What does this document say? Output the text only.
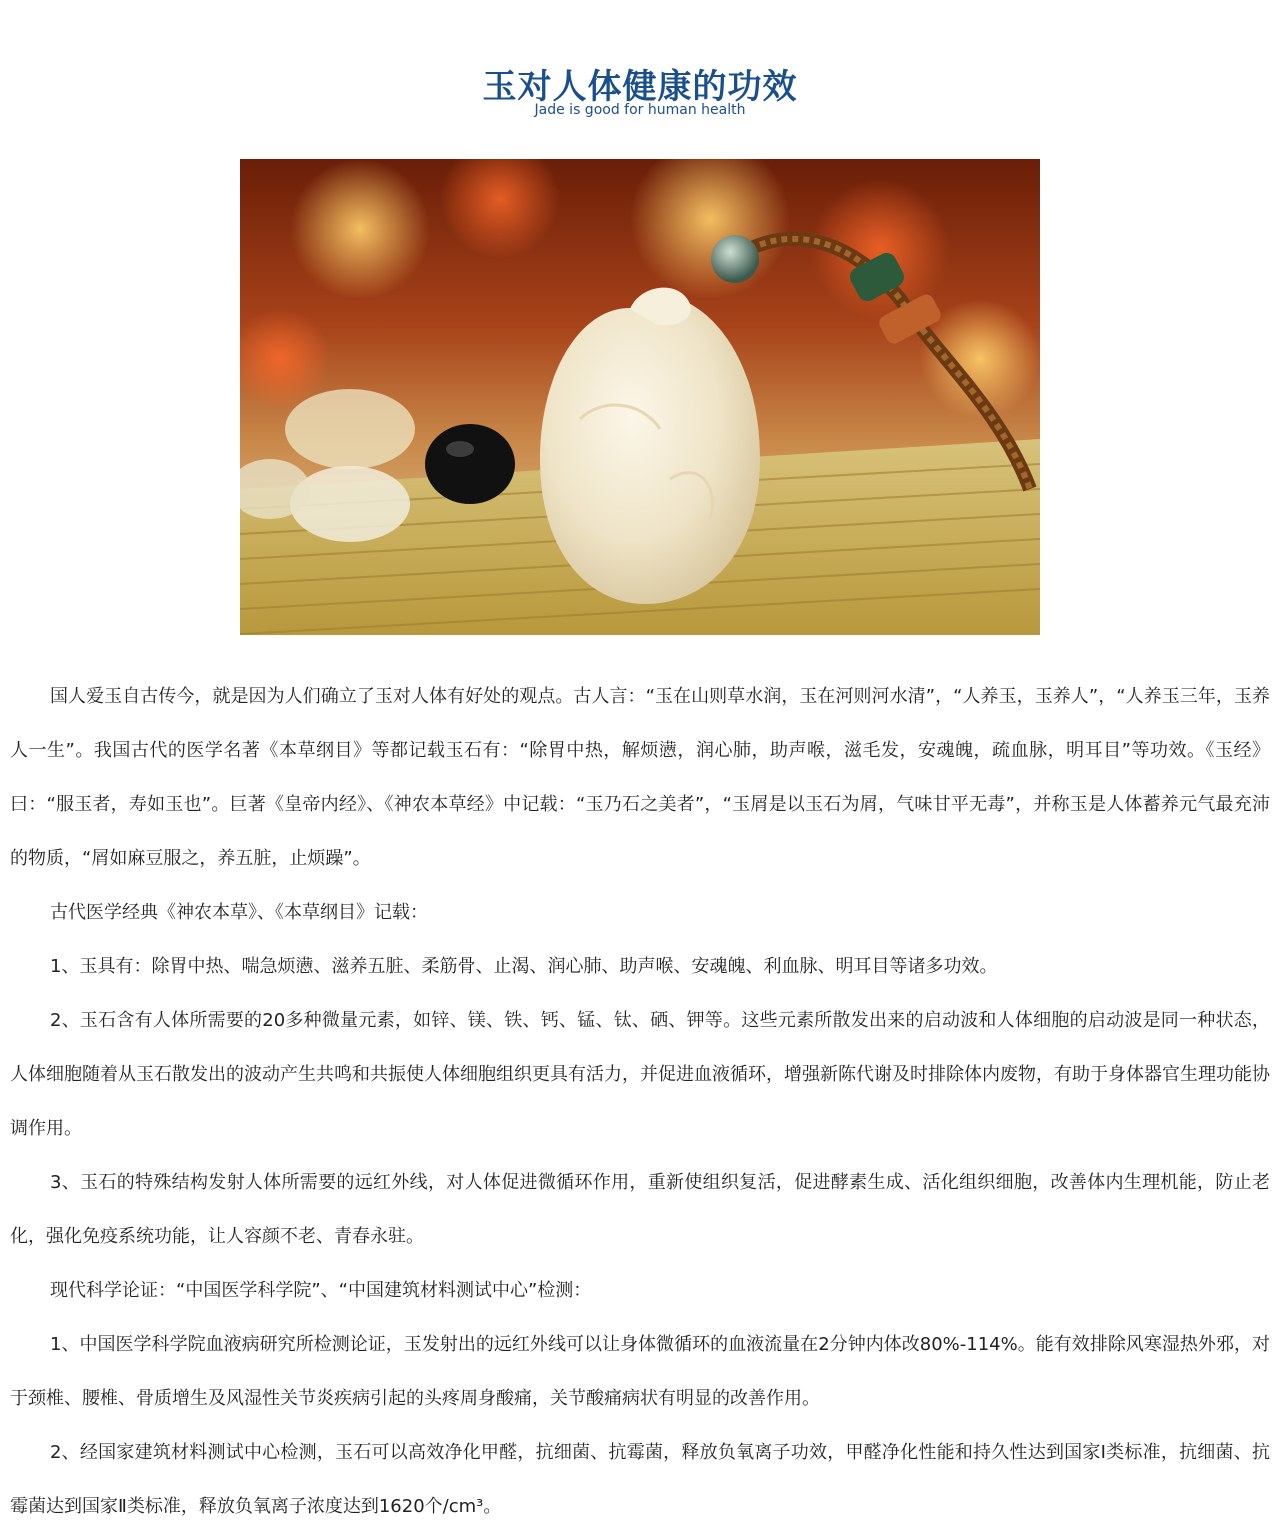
玉对人体健康的功效
Jade is good for human health

国人爱玉自古传今，就是因为人们确立了玉对人体有好处的观点。古人言：“玉在山则草水润，玉在河则河水清”，“人养玉，玉养人”，“人养玉三年，玉养人一生”。我国古代的医学名著《本草纲目》等都记载玉石有：“除胃中热，解烦懑，润心肺，助声喉，滋毛发，安魂魄，疏血脉，明耳目”等功效。《玉经》曰：“服玉者，寿如玉也”。巨著《皇帝内经》、《神农本草经》中记载：“玉乃石之美者”，“玉屑是以玉石为屑，气味甘平无毒”，并称玉是人体蓄养元气最充沛的物质，“屑如麻豆服之，养五脏，止烦躁”。

古代医学经典《神农本草》、《本草纲目》记载：

1、玉具有：除胃中热、喘急烦懑、滋养五脏、柔筋骨、止渴、润心肺、助声喉、安魂魄、利血脉、明耳目等诸多功效。

2、玉石含有人体所需要的20多种微量元素，如锌、镁、铁、钙、锰、钛、硒、钾等。这些元素所散发出来的启动波和人体细胞的启动波是同一种状态，人体细胞随着从玉石散发出的波动产生共鸣和共振使人体细胞组织更具有活力，并促进血液循环，增强新陈代谢及时排除体内废物，有助于身体器官生理功能协调作用。

3、玉石的特殊结构发射人体所需要的远红外线，对人体促进微循环作用，重新使组织复活，促进酵素生成、活化组织细胞，改善体内生理机能，防止老化，强化免疫系统功能，让人容颜不老、青春永驻。

现代科学论证：“中国医学科学院”、“中国建筑材料测试中心”检测：

1、中国医学科学院血液病研究所检测论证，玉发射出的远红外线可以让身体微循环的血液流量在2分钟内体改80%-114%。能有效排除风寒湿热外邪，对于颈椎、腰椎、骨质增生及风湿性关节炎疾病引起的头疼周身酸痛，关节酸痛病状有明显的改善作用。

2、经国家建筑材料测试中心检测，玉石可以高效净化甲醛，抗细菌、抗霉菌，释放负氧离子功效，甲醛净化性能和持久性达到国家Ⅰ类标准，抗细菌、抗霉菌达到国家Ⅱ类标准，释放负氧离子浓度达到1620个/cm³。
